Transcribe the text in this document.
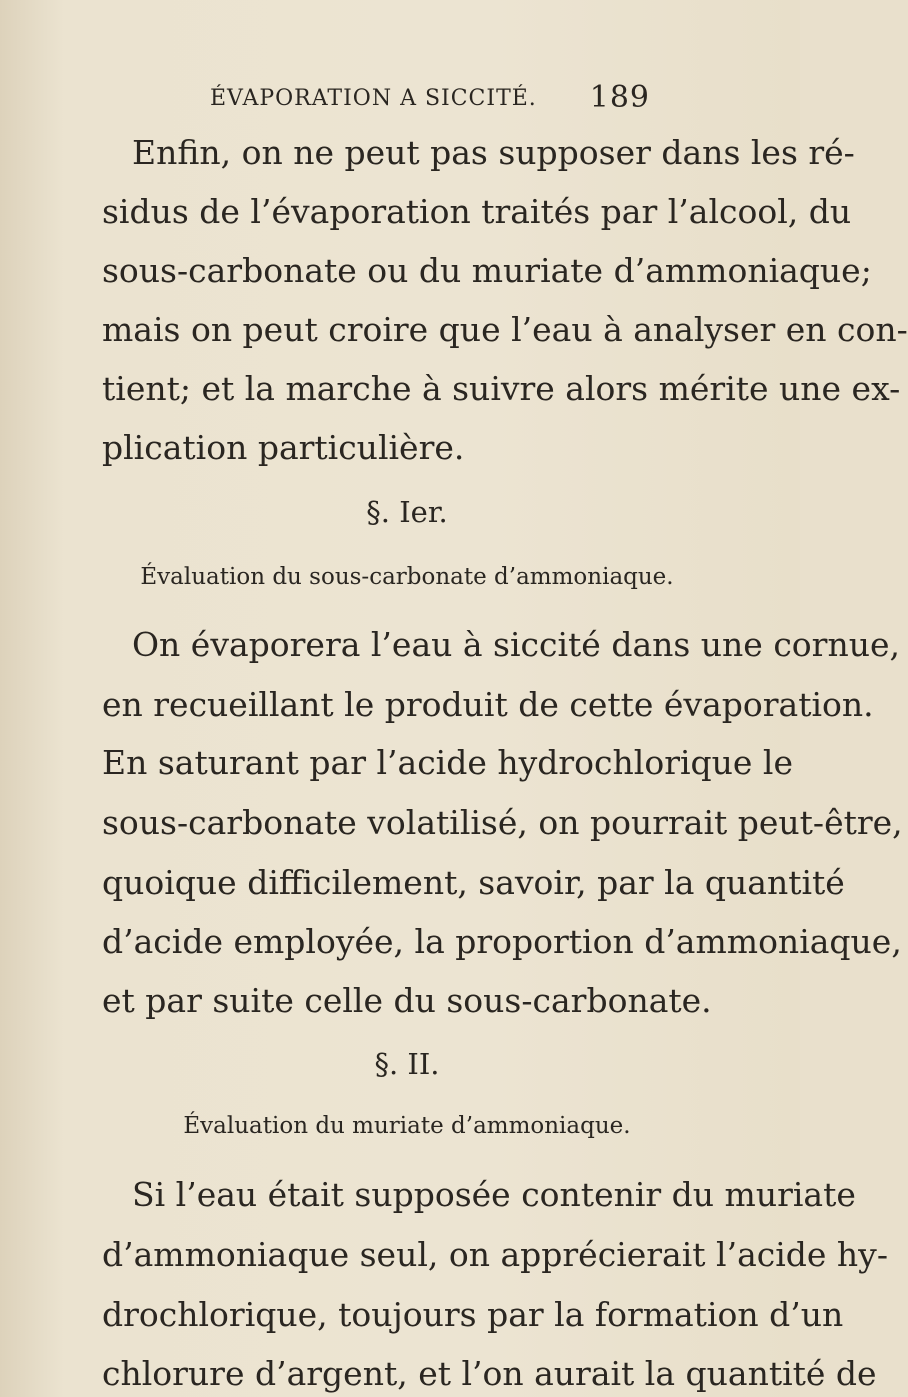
ÉVAPORATION A SICCITÉ. 189
Enfin, on ne peut pas supposer dans les ré-
sidus de l’évaporation traités par l’alcool, du
sous-carbonate ou du muriate d’ammoniaque;
mais on peut croire que l’eau à analyser en con-
tient; et la marche à suivre alors mérite une ex-
plication particulière.
§. Ier.
Évaluation du sous-carbonate d’ammoniaque.
On évaporera l’eau à siccité dans une cornue,
en recueillant le produit de cette évaporation.
En saturant par l’acide hydrochlorique le
sous-carbonate volatilisé, on pourrait peut-être,
quoique difficilement, savoir, par la quantité
d’acide employée, la proportion d’ammoniaque,
et par suite celle du sous-carbonate.
§. II.
Évaluation du muriate d’ammoniaque.
Si l’eau était supposée contenir du muriate
d’ammoniaque seul, on apprécierait l’acide hy-
drochlorique, toujours par la formation d’un
chlorure d’argent, et l’on aurait la quantité de
